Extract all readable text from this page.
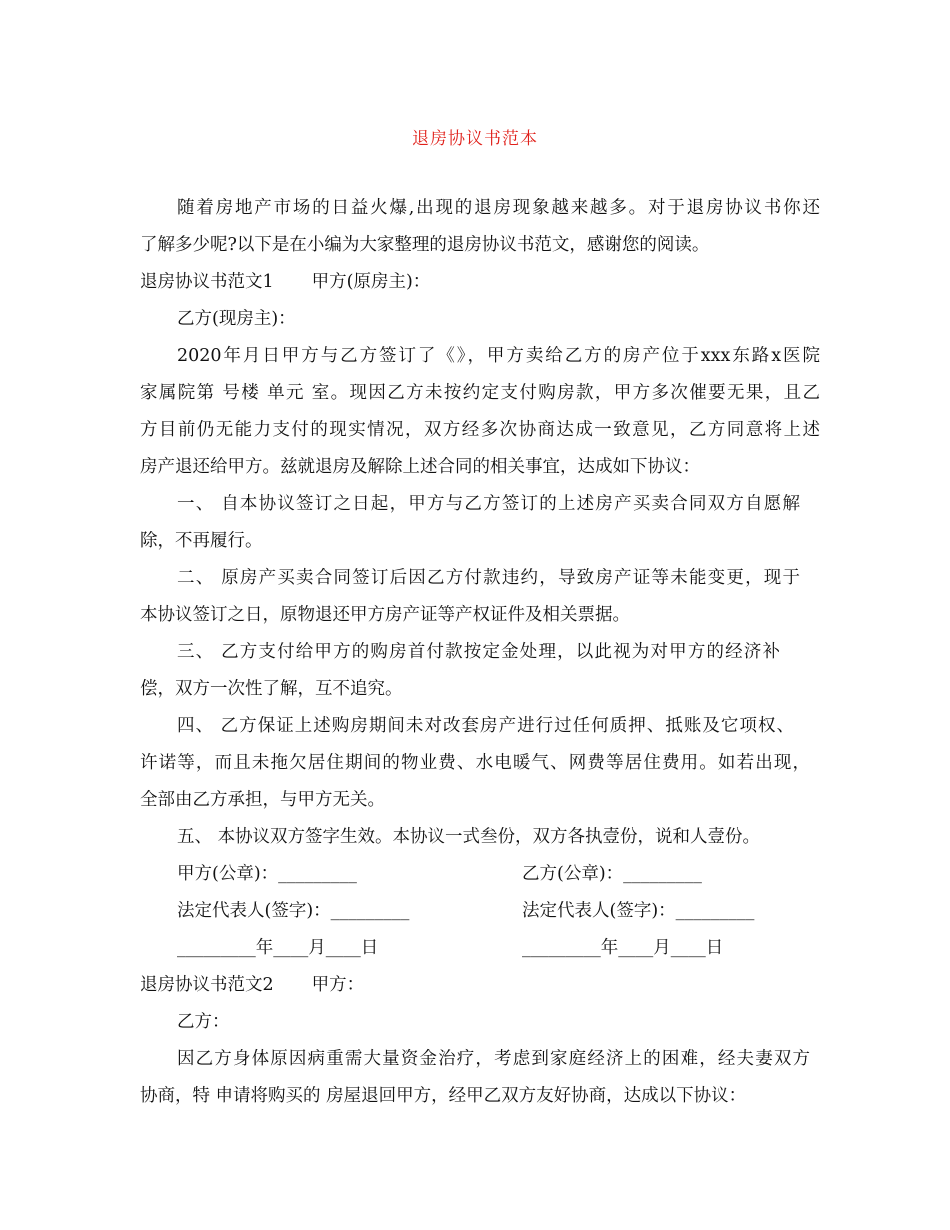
退房协议书范本
随着房地产市场的日益火爆,出现的退房现象越来越多。对于退房协议书你还
了解多少呢?以下是在小编为大家整理的退房协议书范文，感谢您的阅读。
退房协议书范文1 甲方(原房主)：
乙方(现房主)：
2020年月日甲方与乙方签订了《》，甲方卖给乙方的房产位于xxx东路x医院
家属院第 号楼 单元 室。现因乙方未按约定支付购房款，甲方多次催要无果，且乙
方目前仍无能力支付的现实情况，双方经多次协商达成一致意见，乙方同意将上述
房产退还给甲方。兹就退房及解除上述合同的相关事宜，达成如下协议：
一、 自本协议签订之日起，甲方与乙方签订的上述房产买卖合同双方自愿解
除，不再履行。
二、 原房产买卖合同签订后因乙方付款违约，导致房产证等未能变更，现于
本协议签订之日，原物退还甲方房产证等产权证件及相关票据。
三、 乙方支付给甲方的购房首付款按定金处理，以此视为对甲方的经济补
偿，双方一次性了解，互不追究。
四、 乙方保证上述购房期间未对改套房产进行过任何质押、抵账及它项权、
许诺等，而且未拖欠居住期间的物业费、水电暖气、网费等居住费用。如若出现，
全部由乙方承担，与甲方无关。
五、 本协议双方签字生效。本协议一式叁份，双方各执壹份，说和人壹份。
甲方(公章)：_________	乙方(公章)：_________
法定代表人(签字)：_________	法定代表人(签字)：_________
_________年____月____日	_________年____月____日
退房协议书范文2 甲方：
乙方：
因乙方身体原因病重需大量资金治疗，考虑到家庭经济上的困难，经夫妻双方
协商，特 申请将购买的 房屋退回甲方，经甲乙双方友好协商，达成以下协议：
